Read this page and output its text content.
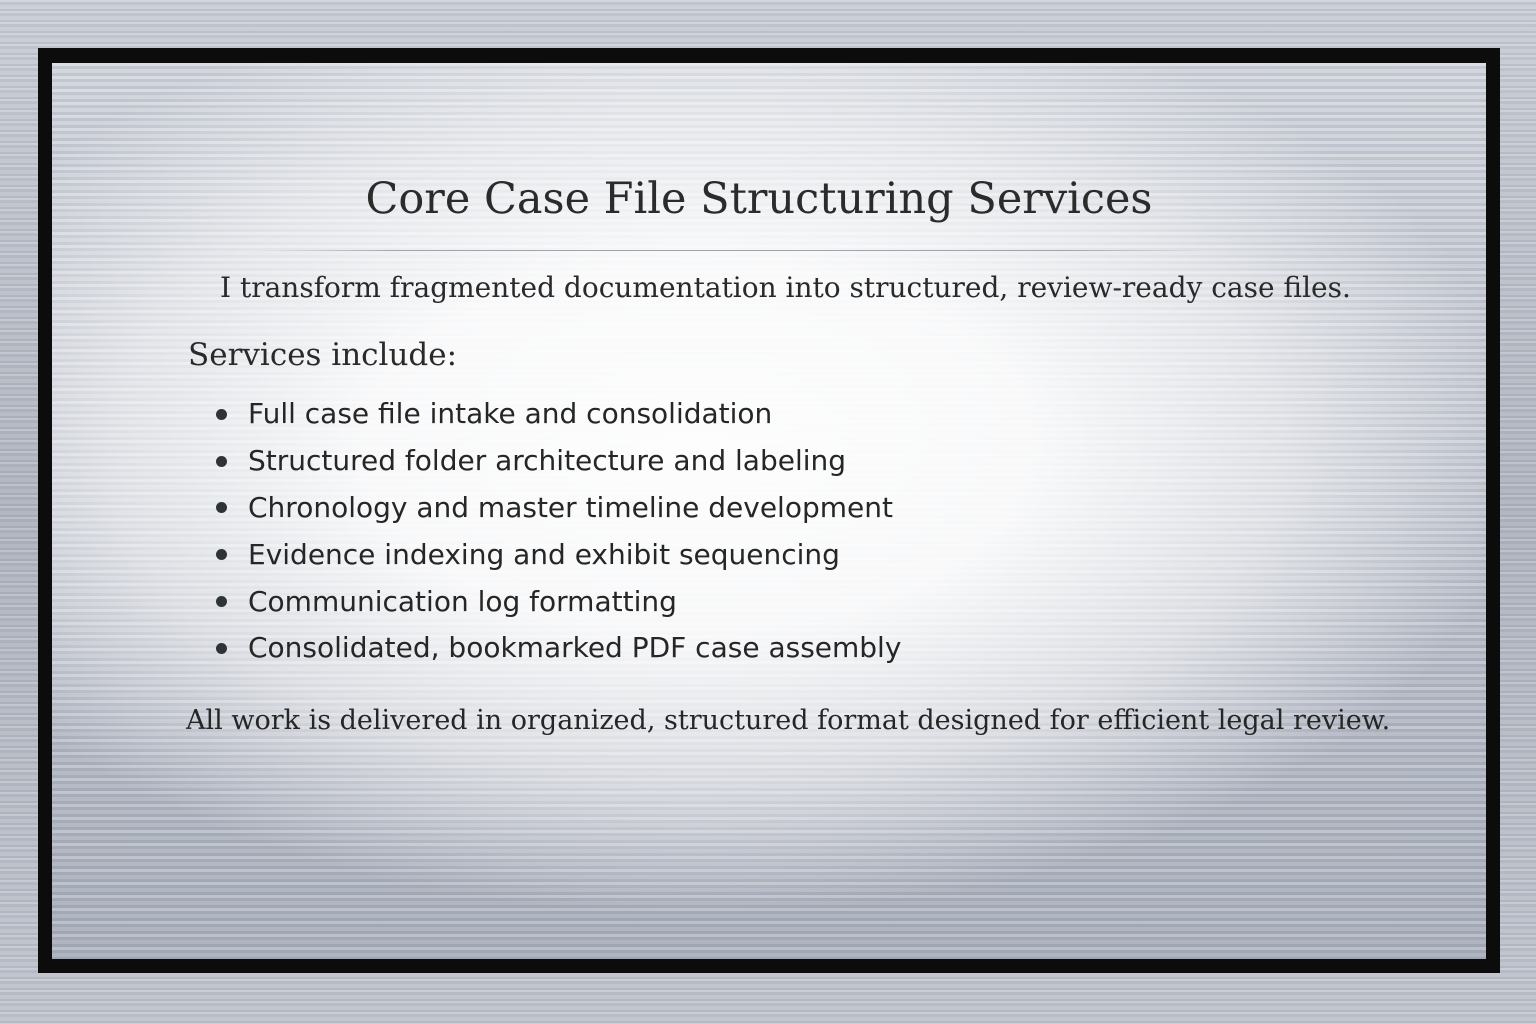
Core Case File Structuring Services

I transform fragmented documentation into structured, review-ready case files.

Services include:

Full case file intake and consolidation
Structured folder architecture and labeling
Chronology and master timeline development
Evidence indexing and exhibit sequencing
Communication log formatting
Consolidated, bookmarked PDF case assembly

All work is delivered in organized, structured format designed for efficient legal review.
